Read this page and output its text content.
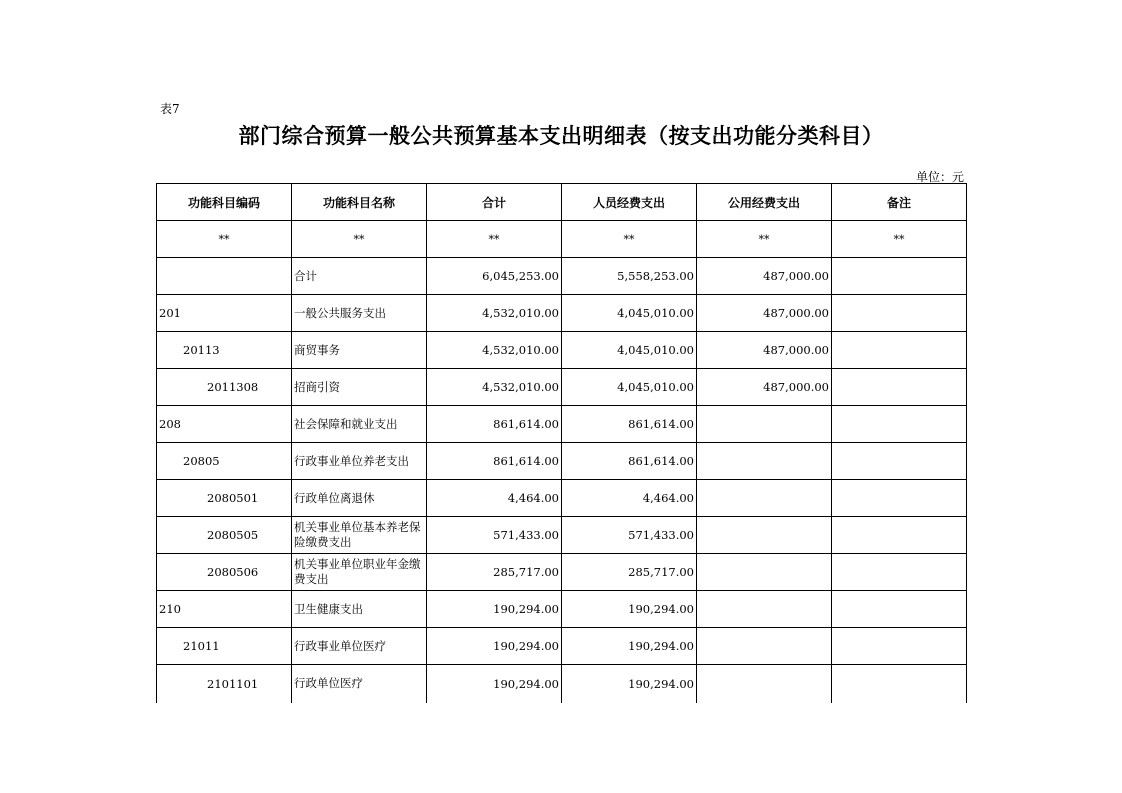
表7
部门综合预算一般公共预算基本支出明细表（按支出功能分类科目）
单位：元
功能科目编码	功能科目名称	合计	人员经费支出	公用经费支出	备注
**	**	**	**	**	**
	合计	6,045,253.00	5,558,253.00	487,000.00	
201	一般公共服务支出	4,532,010.00	4,045,010.00	487,000.00	
20113	商贸事务	4,532,010.00	4,045,010.00	487,000.00	
2011308	招商引资	4,532,010.00	4,045,010.00	487,000.00	
208	社会保障和就业支出	861,614.00	861,614.00		
20805	行政事业单位养老支出	861,614.00	861,614.00		
2080501	行政单位离退休	4,464.00	4,464.00		
2080505	机关事业单位基本养老保险缴费支出	571,433.00	571,433.00		
2080506	机关事业单位职业年金缴费支出	285,717.00	285,717.00		
210	卫生健康支出	190,294.00	190,294.00		
21011	行政事业单位医疗	190,294.00	190,294.00		
2101101	行政单位医疗	190,294.00	190,294.00		
